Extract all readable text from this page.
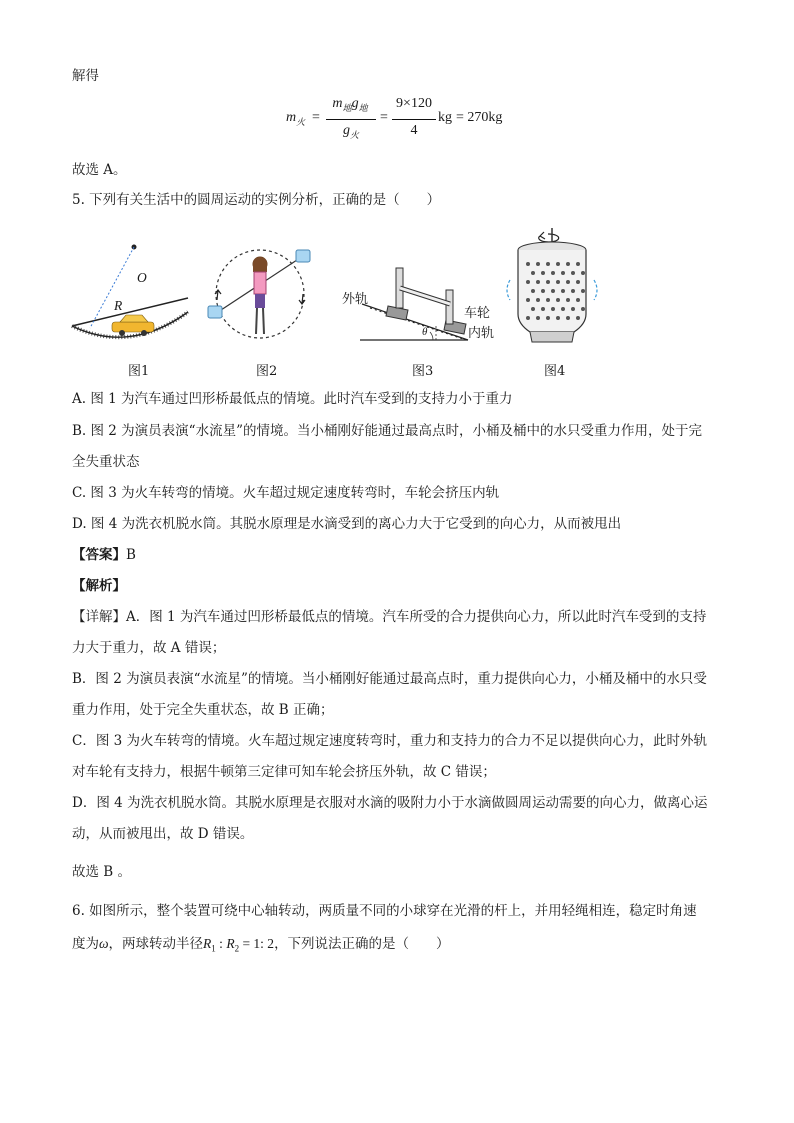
解得
$m_火$ =
$m_地g_地$
$g_火$
=
9×120
4
kg = 270kg
故选 A。
5. 下列有关生活中的圆周运动的实例分析，正确的是（　　）
O
R	外轨
车轮
内轨
θ
图1	图2	图3	图4
A. 图 1 为汽车通过凹形桥最低点的情境。此时汽车受到的支持力小于重力
B. 图 2 为演员表演“水流星”的情境。当小桶刚好能通过最高点时，小桶及桶中的水只受重力作用，处于完
全失重状态
C. 图 3 为火车转弯的情境。火车超过规定速度转弯时，车轮会挤压内轨
D. 图 4 为洗衣机脱水筒。其脱水原理是水滴受到的离心力大于它受到的向心力，从而被甩出
【答案】B
【解析】
【详解】A．图 1 为汽车通过凹形桥最低点的情境。汽车所受的合力提供向心力，所以此时汽车受到的支持
力大于重力，故 A 错误；
B．图 2 为演员表演“水流星”的情境。当小桶刚好能通过最高点时，重力提供向心力，小桶及桶中的水只受
重力作用，处于完全失重状态，故 B 正确；
C．图 3 为火车转弯的情境。火车超过规定速度转弯时，重力和支持力的合力不足以提供向心力，此时外轨
对车轮有支持力，根据牛顿第三定律可知车轮会挤压外轨，故 C 错误；
D．图 4 为洗衣机脱水筒。其脱水原理是衣服对水滴的吸附力小于水滴做圆周运动需要的向心力，做离心运
动，从而被甩出，故 D 错误。
故选 B 。
6. 如图所示，整个装置可绕中心轴转动，两质量不同的小球穿在光滑的杆上，并用轻绳相连，稳定时角速
度为ω，两球转动半径$R_1$ : $R_2 = 1$: 2，下列说法正确的是（　　）
